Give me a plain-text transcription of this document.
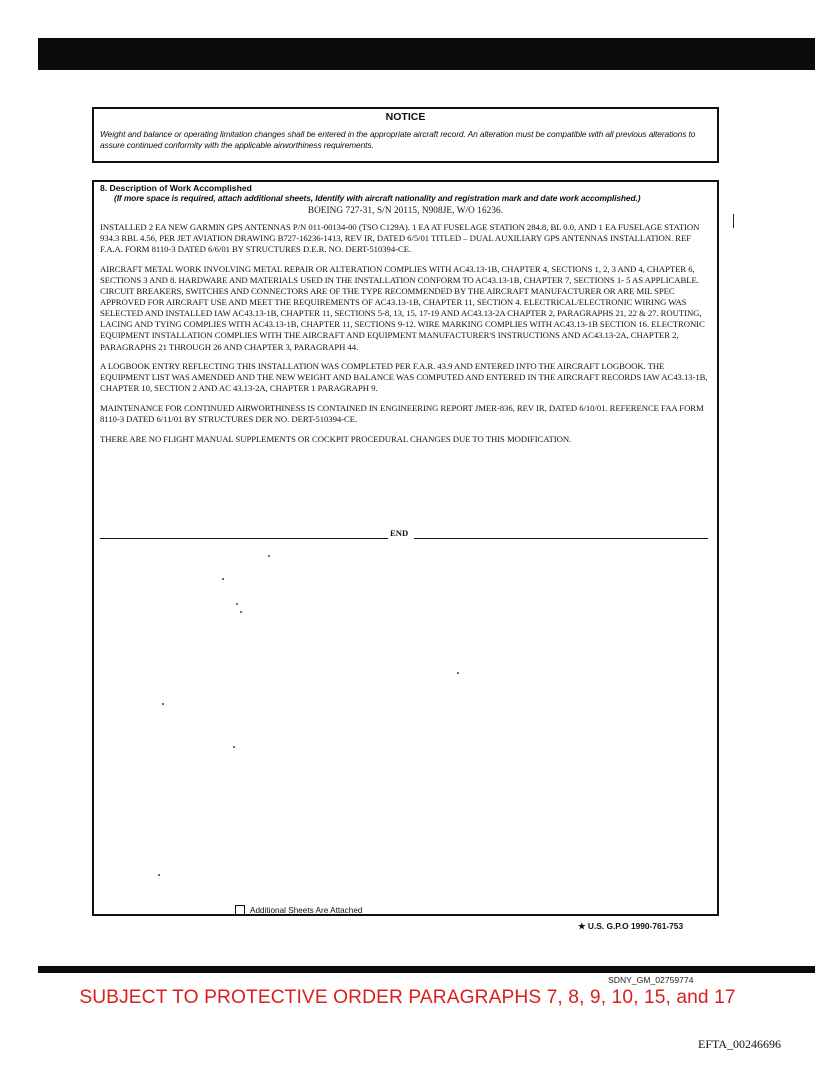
NOTICE
Weight and balance or operating limitation changes shall be entered in the appropriate aircraft record. An alteration must be compatible with all previous alterations to assure continued conformity with the applicable airworthiness requirements.
8. Description of Work Accomplished
(If more space is required, attach additional sheets, Identify with aircraft nationality and registration mark and date work accomplished.)
BOEING 727-31, S/N 20115, N908JE, W/O 16236.

INSTALLED 2 EA NEW GARMIN GPS ANTENNAS P/N 011-00134-00 (TSO C129A). 1 EA AT FUSELAGE STATION 284.8, BL 0.0, AND 1 EA FUSELAGE STATION 934.3 RBL 4.56, PER JET AVIATION DRAWING B727-16236-1413, REV IR, DATED 6/5/01 TITLED – DUAL AUXILIARY GPS ANTENNAS INSTALLATION. REF F.A.A. FORM 8110-3 DATED 6/6/01 BY STRUCTURES D.E.R. NO. DERT-510394-CE.

AIRCRAFT METAL WORK INVOLVING METAL REPAIR OR ALTERATION COMPLIES WITH AC43.13-1B, CHAPTER 4, SECTIONS 1, 2, 3 AND 4, CHAPTER 6, SECTIONS 3 AND 8. HARDWARE AND MATERIALS USED IN THE INSTALLATION CONFORM TO AC43.13-1B, CHAPTER 7, SECTIONS 1- 5 AS APPLICABLE. CIRCUIT BREAKERS, SWITCHES AND CONNECTORS ARE OF THE TYPE RECOMMENDED BY THE AIRCRAFT MANUFACTURER OR ARE MIL SPEC APPROVED FOR AIRCRAFT USE AND MEET THE REQUIREMENTS OF AC43.13-1B, CHAPTER 11, SECTION 4. ELECTRICAL/ELECTRONIC WIRING WAS SELECTED AND INSTALLED IAW AC43.13-1B, CHAPTER 11, SECTIONS 5-8, 13, 15, 17-19 AND AC43.13-2A CHAPTER 2, PARAGRAPHS 21, 22 & 27. ROUTING, LACING AND TYING COMPLIES WITH AC43.13-1B, CHAPTER 11, SECTIONS 9-12. WIRE MARKING COMPLIES WITH AC43.13-1B SECTION 16. ELECTRONIC EQUIPMENT INSTALLATION COMPLIES WITH THE AIRCRAFT AND EQUIPMENT MANUFACTURER'S INSTRUCTIONS AND AC43.13-2A, CHAPTER 2, PARAGRAPHS 21 THROUGH 26 AND CHAPTER 3, PARAGRAPH 44.

A LOGBOOK ENTRY REFLECTING THIS INSTALLATION WAS COMPLETED PER F.A.R. 43.9 AND ENTERED INTO THE AIRCRAFT LOGBOOK. THE EQUIPMENT LIST WAS AMENDED AND THE NEW WEIGHT AND BALANCE WAS COMPUTED AND ENTERED IN THE AIRCRAFT RECORDS IAW AC43.13-1B, CHAPTER 10, SECTION 2 AND AC 43.13-2A, CHAPTER 1 PARAGRAPH 9.

MAINTENANCE FOR CONTINUED AIRWORTHINESS IS CONTAINED IN ENGINEERING REPORT JMER-836, REV IR, DATED 6/10/01. REFERENCE FAA FORM 8110-3 DATED 6/11/01 BY STRUCTURES DER NO. DERT-510394-CE.

THERE ARE NO FLIGHT MANUAL SUPPLEMENTS OR COCKPIT PROCEDURAL CHANGES DUE TO THIS MODIFICATION.

END
Additional Sheets Are Attached
★ U.S. G.P.O 1990-761-753
SDNY_GM_02759774
SUBJECT TO PROTECTIVE ORDER PARAGRAPHS 7, 8, 9, 10, 15, and 17
EFTA_00246696
